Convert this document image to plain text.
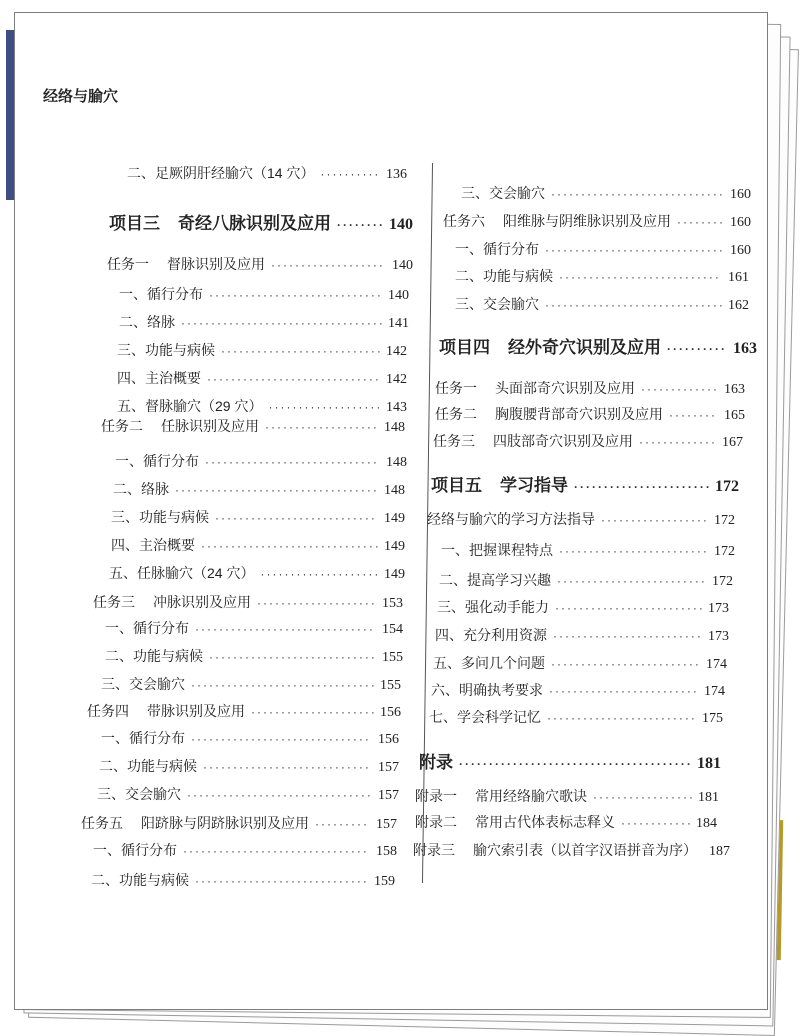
经络与腧穴
二、足厥阴肝经腧穴（14 穴） ·····	136
项目三 奇经八脉识别及应用 ·····	140
任务一 督脉识别及应用 ·····	140
一、循行分布 ·····	140
二、络脉 ·····	141
三、功能与病候 ·····	142
四、主治概要 ·····	142
五、督脉腧穴（29 穴） ·····	143
任务二 任脉识别及应用 ·····	148
一、循行分布 ·····	148
二、络脉 ·····	148
三、功能与病候 ·····	149
四、主治概要 ·····	149
五、任脉腧穴（24 穴） ·····	149
任务三 冲脉识别及应用 ·····	153
一、循行分布 ·····	154
二、功能与病候 ·····	155
三、交会腧穴 ·····	155
任务四 带脉识别及应用 ·····	156
一、循行分布 ·····	156
二、功能与病候 ·····	157
三、交会腧穴 ·····	157
任务五 阳跻脉与阴跻脉识别及应用 ·····	157
一、循行分布 ·····	158
二、功能与病候 ·····	159
三、交会腧穴 ·····	160
任务六 阳维脉与阴维脉识别及应用 ·····	160
一、循行分布 ·····	160
二、功能与病候 ·····	161
三、交会腧穴 ·····	162
项目四 经外奇穴识别及应用 ·····	163
任务一 头面部奇穴识别及应用 ·····	163
任务二 胸腹腰背部奇穴识别及应用 ·····	165
任务三 四肢部奇穴识别及应用 ·····	167
项目五 学习指导 ·····	172
经络与腧穴的学习方法指导 ·····	172
一、把握课程特点 ·····	172
二、提高学习兴趣 ·····	172
三、强化动手能力 ·····	173
四、充分利用资源 ·····	173
五、多问几个问题 ·····	174
六、明确执考要求 ·····	174
七、学会科学记忆 ·····	175
附录 ·····	181
附录一 常用经络腧穴歌诀 ·····	181
附录二 常用古代体表标志释义 ·····	184
附录三 腧穴索引表（以首字汉语拼音为序） 187
